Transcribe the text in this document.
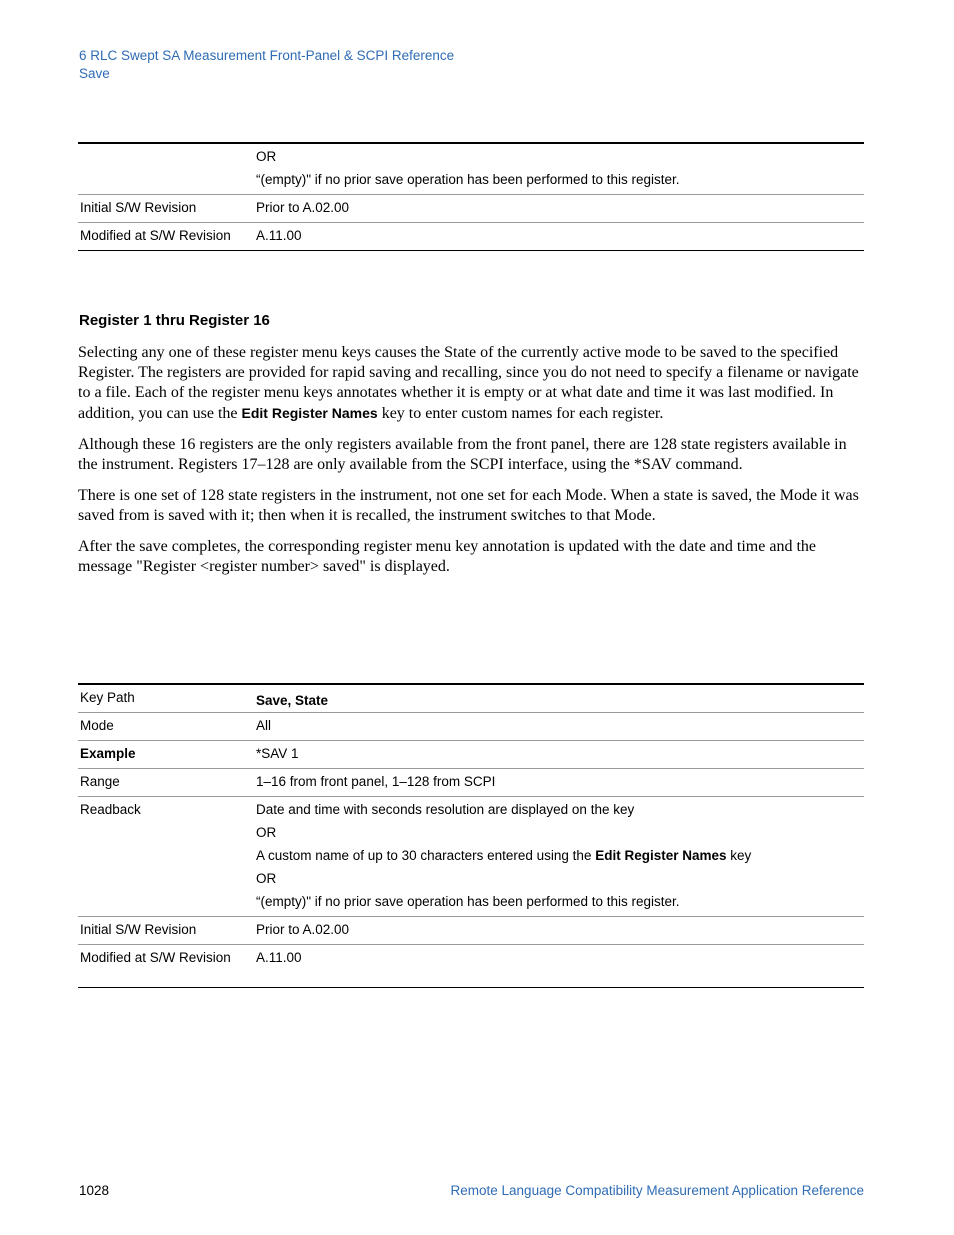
6 RLC Swept SA Measurement Front-Panel & SCPI Reference
Save

	OR
“(empty)" if no prior save operation has been performed to this register.

Initial S/W Revision	Prior to A.02.00
Modified at S/W Revision	A.11.00
Register 1 thru Register 16

Selecting any one of these register menu keys causes the State of the currently active mode to be saved to the specified Register. The registers are provided for rapid saving and recalling, since you do not need to specify a filename or navigate to a file. Each of the register menu keys annotates whether it is empty or at what date and time it was last modified. In addition, you can use the Edit Register Names key to enter custom names for each register.

Although these 16 registers are the only registers available from the front panel, there are 128 state registers available in the instrument. Registers 17–128 are only available from the SCPI interface, using the *SAV command.

There is one set of 128 state registers in the instrument, not one set for each Mode. When a state is saved, the Mode it was saved from is saved with it; then when it is recalled, the instrument switches to that Mode.

After the save completes, the corresponding register menu key annotation is updated with the date and time and the message "Register <register number> saved" is displayed.

Key Path	Save, State
Mode	All
Example	*SAV 1
Range	1–16 from front panel, 1–128 from SCPI
Readback	Date and time with seconds resolution are displayed on the key
OR
A custom name of up to 30 characters entered using the Edit Register Names key
OR
“(empty)" if no prior save operation has been performed to this register.

Initial S/W Revision	Prior to A.02.00
Modified at S/W Revision	A.11.00
1028	Remote Language Compatibility Measurement Application Reference
